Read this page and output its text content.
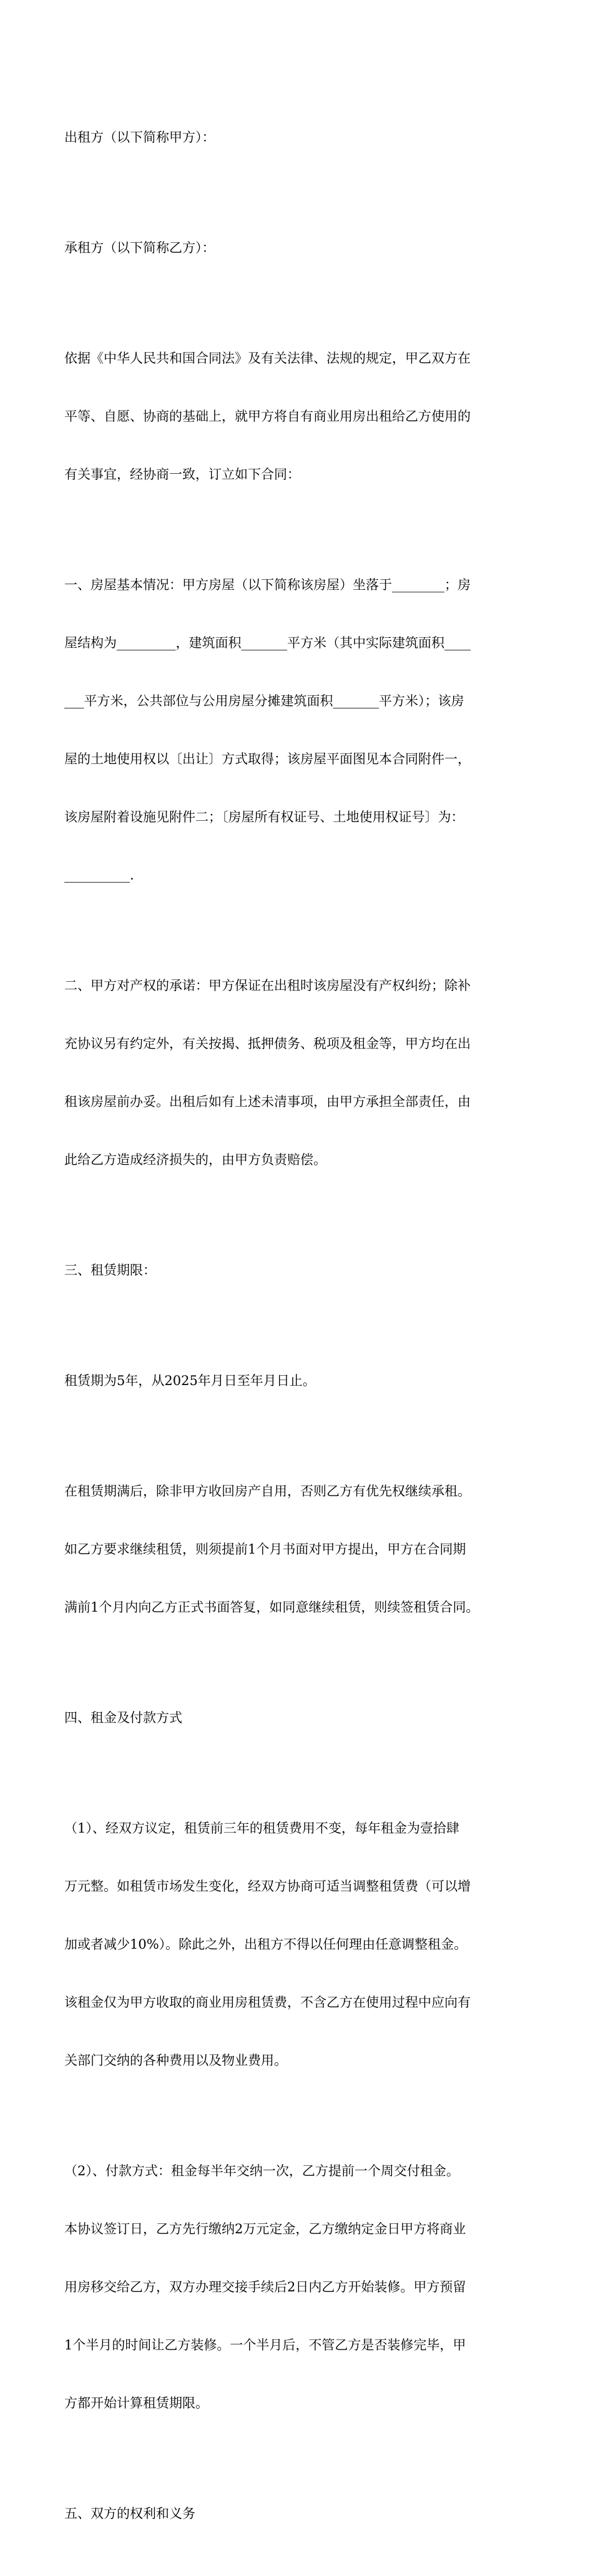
出租方（以下简称甲方）：

承租方（以下简称乙方）：

依据《中华人民共和国合同法》及有关法律、法规的规定，甲乙双方在

平等、自愿、协商的基础上，就甲方将自有商业用房出租给乙方使用的

有关事宜，经协商一致，订立如下合同：

一、房屋基本情况：甲方房屋（以下简称该房屋）坐落于________；房

屋结构为_________，建筑面积_______平方米（其中实际建筑面积____

___平方米，公共部位与公用房屋分摊建筑面积_______平方米）；该房

屋的土地使用权以〔出让〕方式取得；该房屋平面图见本合同附件一，

该房屋附着设施见附件二；〔房屋所有权证号、土地使用权证号〕为：

__________.

二、甲方对产权的承诺：甲方保证在出租时该房屋没有产权纠纷；除补

充协议另有约定外，有关按揭、抵押债务、税项及租金等，甲方均在出

租该房屋前办妥。出租后如有上述未清事项，由甲方承担全部责任，由

此给乙方造成经济损失的，由甲方负责赔偿。

三、租赁期限：

租赁期为5年，从2025年月日至年月日止。

在租赁期满后，除非甲方收回房产自用，否则乙方有优先权继续承租。

如乙方要求继续租赁，则须提前1个月书面对甲方提出，甲方在合同期

满前1个月内向乙方正式书面答复，如同意继续租赁，则续签租赁合同。

四、租金及付款方式

（1）、经双方议定，租赁前三年的租赁费用不变，每年租金为壹拾肆

万元整。如租赁市场发生变化，经双方协商可适当调整租赁费（可以增

加或者减少10%）。除此之外，出租方不得以任何理由任意调整租金。

该租金仅为甲方收取的商业用房租赁费，不含乙方在使用过程中应向有

关部门交纳的各种费用以及物业费用。

（2）、付款方式：租金每半年交纳一次，乙方提前一个周交付租金。

本协议签订日，乙方先行缴纳2万元定金，乙方缴纳定金日甲方将商业

用房移交给乙方，双方办理交接手续后2日内乙方开始装修。甲方预留

1个半月的时间让乙方装修。一个半月后，不管乙方是否装修完毕，甲

方都开始计算租赁期限。

五、双方的权利和义务
